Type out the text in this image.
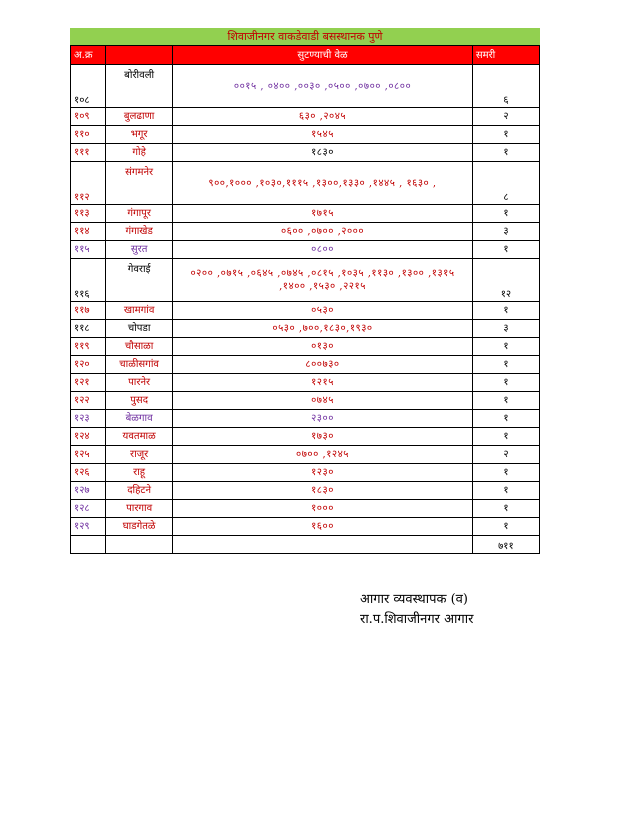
शिवाजीनगर वाकडेवाडी बसस्थानक पुणे
अ.क्र		सुटण्याची वेळ	समरी
१०८	बोरीवली	००१५ , ०४०० ,००३० ,०५०० ,०७०० ,०८००	६
१०९	बुलढाणा	६३० ,२०४५	२
११०	भगूर	१५४५	१
१११	गोहे	१८३०	१
११२	संगमनेर	९००,१००० ,१०३०,१११५ ,१३००,१३३० ,१४४५ , १६३० ,	८
११३	गंगापूर	१७१५	१
११४	गंगाखेड	०६०० ,०७०० ,२०००	३
११५	सुरत	०८००	१
११६	गेवराई	०२०० ,०७१५ ,०६४५ ,०७४५ ,०८१५ ,१०३५ ,११३० ,१३०० ,१३१५ ,१४०० ,१५३० ,२२१५	१२
११७	खामगांव	०५३०	१
११८	चोपडा	०५३० ,७००,१८३०,१९३०	३
११९	चौसाळा	०१३०	१
१२०	चाळीसगांव	८००७३०	१
१२१	पारनेर	१२१५	१
१२२	पुसद	०७४५	१
१२३	बेळगाव	२३००	१
१२४	यवतमाळ	१७३०	१
१२५	राजूर	०७०० ,१२४५	२
१२६	राहू	१२३०	१
१२७	दहिटने	१८३०	१
१२८	पारगाव	१०००	१
१२९	घाडगेतळे	१६००	१
			७११
आगार व्यवस्थापक (व)
रा.प.शिवाजीनगर आगार
